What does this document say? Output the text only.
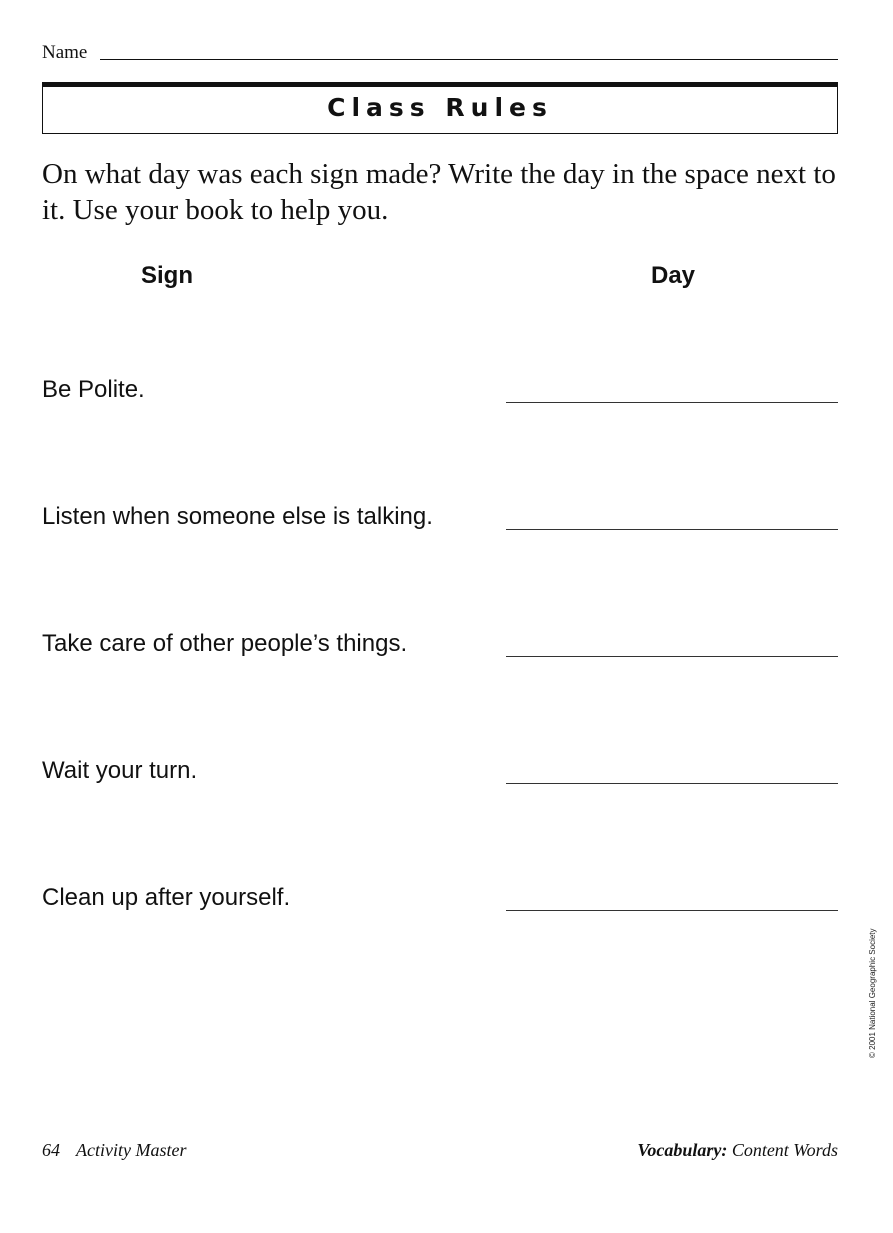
Name
Class Rules
On what day was each sign made? Write the day in the space next to it. Use your book to help you.
Sign	Day
Be Polite.
Listen when someone else is talking.
Take care of other people’s things.
Wait your turn.
Clean up after yourself.
© 2001 National Geographic Society
64 Activity Master	Vocabulary: Content Words
